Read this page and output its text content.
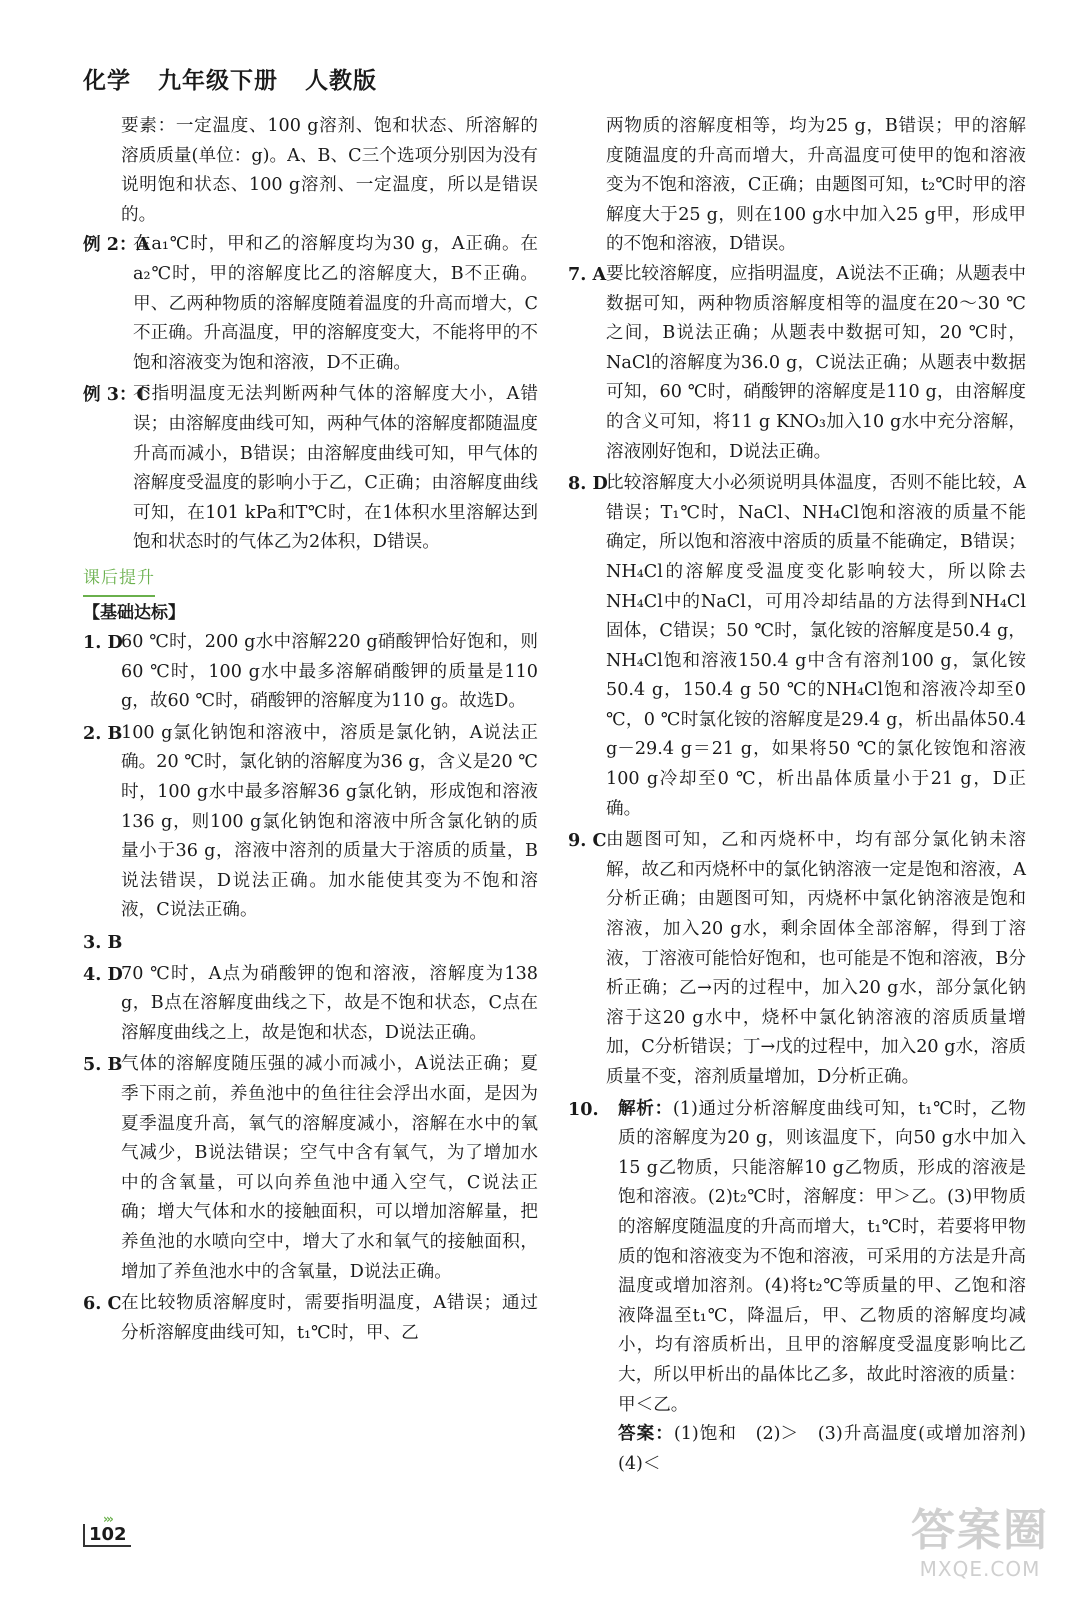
化学   九年级下册   人教版
要素：一定温度、100 g溶剂、饱和状态、所溶解的溶质质量(单位：g)。A、B、C三个选项分别因为没有说明饱和状态、100 g溶剂、一定温度，所以是错误的。
例 2：A
在a₁℃时，甲和乙的溶解度均为30 g，A正确。在a₂℃时，甲的溶解度比乙的溶解度大，B不正确。甲、乙两种物质的溶解度随着温度的升高而增大，C不正确。升高温度，甲的溶解度变大，不能将甲的不饱和溶液变为饱和溶液，D不正确。
例 3：C
不指明温度无法判断两种气体的溶解度大小，A错误；由溶解度曲线可知，两种气体的溶解度都随温度升高而减小，B错误；由溶解度曲线可知，甲气体的溶解度受温度的影响小于乙，C正确；由溶解度曲线可知，在101 kPa和T℃时，在1体积水里溶解达到饱和状态时的气体乙为2体积，D错误。
课后提升
【基础达标】
1. D
60 ℃时，200 g水中溶解220 g硝酸钾恰好饱和，则60 ℃时，100 g水中最多溶解硝酸钾的质量是110 g，故60 ℃时，硝酸钾的溶解度为110 g。故选D。
2. B
100 g氯化钠饱和溶液中，溶质是氯化钠，A说法正确。20 ℃时，氯化钠的溶解度为36 g，含义是20 ℃时，100 g水中最多溶解36 g氯化钠，形成饱和溶液136 g，则100 g氯化钠饱和溶液中所含氯化钠的质量小于36 g，溶液中溶剂的质量大于溶质的质量，B说法错误，D说法正确。加水能使其变为不饱和溶液，C说法正确。
3. B
4. D
70 ℃时，A点为硝酸钾的饱和溶液，溶解度为138 g，B点在溶解度曲线之下，故是不饱和状态，C点在溶解度曲线之上，故是饱和状态，D说法正确。
5. B
气体的溶解度随压强的减小而减小，A说法正确；夏季下雨之前，养鱼池中的鱼往往会浮出水面，是因为夏季温度升高，氧气的溶解度减小，溶解在水中的氧气减少，B说法错误；空气中含有氧气，为了增加水中的含氧量，可以向养鱼池中通入空气，C说法正确；增大气体和水的接触面积，可以增加溶解量，把养鱼池的水喷向空中，增大了水和氧气的接触面积，增加了养鱼池水中的含氧量，D说法正确。
6. C 在比较物质溶解度时，需要指明温度，A错误；通过分析溶解度曲线可知，t₁℃时，甲、乙
两物质的溶解度相等，均为25 g，B错误；甲的溶解度随温度的升高而增大，升高温度可使甲的饱和溶液变为不饱和溶液，C正确；由题图可知，t₂℃时甲的溶解度大于25 g，则在100 g水中加入25 g甲，形成甲的不饱和溶液，D错误。
7. A 要比较溶解度，应指明温度，A说法不正确；从题表中数据可知，两种物质溶解度相等的温度在20～30 ℃之间，B说法正确；从题表中数据可知，20 ℃时，NaCl的溶解度为36.0 g，C说法正确；从题表中数据可知，60 ℃时，硝酸钾的溶解度是110 g，由溶解度的含义可知，将11 g KNO₃加入10 g水中充分溶解，溶液刚好饱和，D说法正确。
8. D
比较溶解度大小必须说明具体温度，否则不能比较，A错误；T₁℃时，NaCl、NH₄Cl饱和溶液的质量不能确定，所以饱和溶液中溶质的质量不能确定，B错误；NH₄Cl的溶解度受温度变化影响较大，所以除去NH₄Cl中的NaCl，可用冷却结晶的方法得到NH₄Cl固体，C错误；50 ℃时，氯化铵的溶解度是50.4 g，NH₄Cl饱和溶液150.4 g中含有溶剂100 g，氯化铵50.4 g，150.4 g 50 ℃的NH₄Cl饱和溶液冷却至0 ℃，0 ℃时氯化铵的溶解度是29.4 g，析出晶体50.4 g－29.4 g＝21 g，如果将50 ℃的氯化铵饱和溶液100 g冷却至0 ℃，析出晶体质量小于21 g，D正确。
9. C 由题图可知，乙和丙烧杯中，均有部分氯化钠未溶解，故乙和丙烧杯中的氯化钠溶液一定是饱和溶液，A分析正确；由题图可知，丙烧杯中氯化钠溶液是饱和溶液，加入20 g水，剩余固体全部溶解，得到丁溶液，丁溶液可能恰好饱和，也可能是不饱和溶液，B分析正确；乙→丙的过程中，加入20 g水，部分氯化钠溶于这20 g水中，烧杯中氯化钠溶液的溶质质量增加，C分析错误；丁→戊的过程中，加入20 g水，溶质质量不变，溶剂质量增加，D分析正确。
10.	解析：(1)通过分析溶解度曲线可知，t₁℃时，乙物质的溶解度为20 g，则该温度下，向50 g水中加入15 g乙物质，只能溶解10 g乙物质，形成的溶液是饱和溶液。(2)t₂℃时，溶解度：甲＞乙。(3)甲物质的溶解度随温度的升高而增大，t₁℃时，若要将甲物质的饱和溶液变为不饱和溶液，可采用的方法是升高温度或增加溶剂。(4)将t₂℃等质量的甲、乙饱和溶液降温至t₁℃，降温后，甲、乙物质的溶解度均减小，均有溶质析出，且甲的溶解度受温度影响比乙大，所以甲析出的晶体比乙多，故此时溶液的质量：甲＜乙。
答案：(1)饱和　(2)＞　(3)升高温度(或增加溶剂)　(4)＜
›››
102	答案圈
MXQE.COM
